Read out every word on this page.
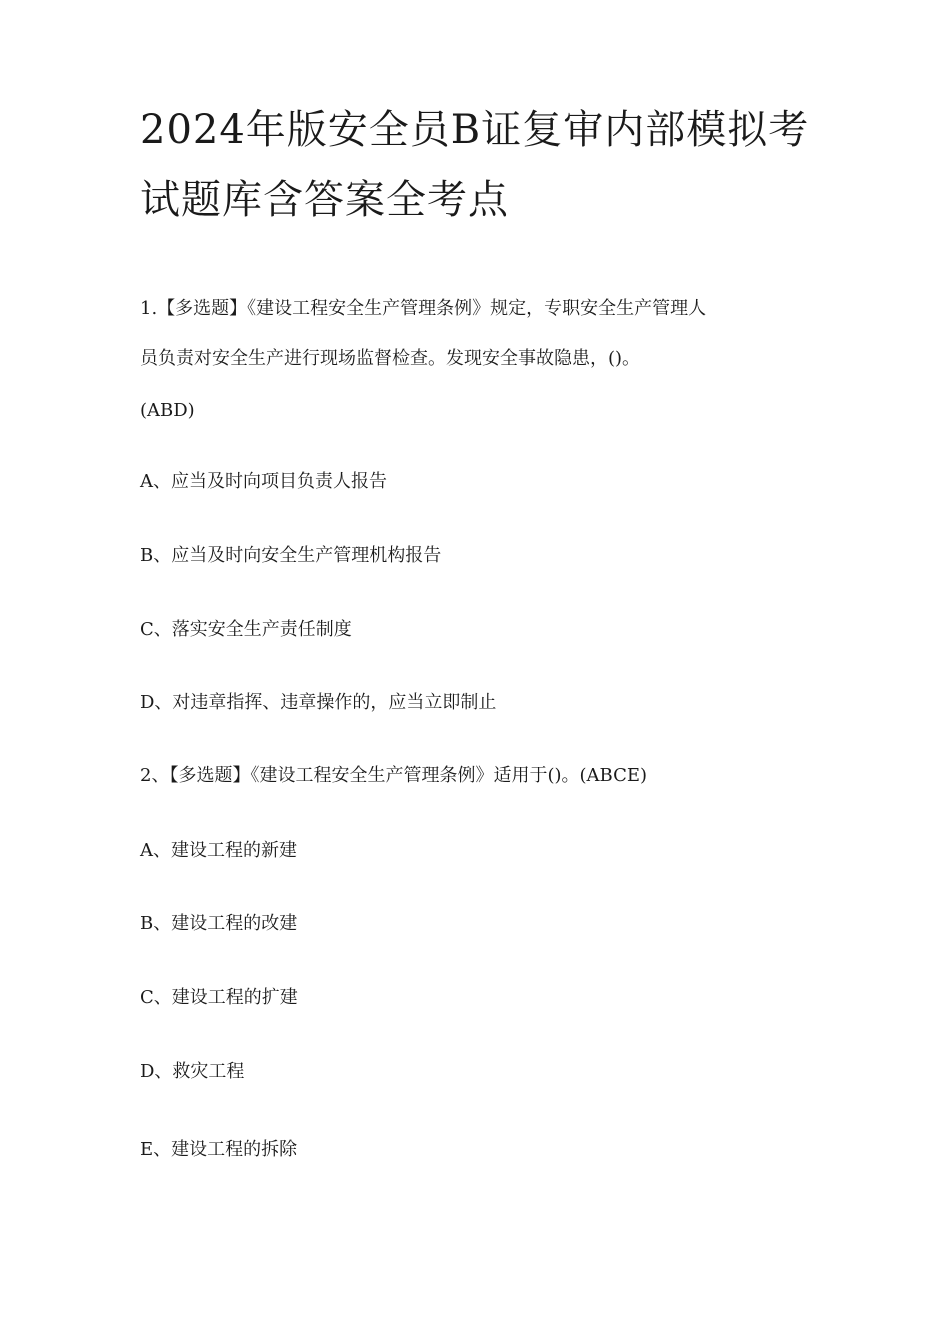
2024年版安全员B证复审内部模拟考试题库含答案全考点

1.【多选题】《建设工程安全生产管理条例》规定，专职安全生产管理人

员负责对安全生产进行现场监督检查。发现安全事故隐患，()。

(ABD)

A、应当及时向项目负责人报告

B、应当及时向安全生产管理机构报告

C、落实安全生产责任制度

D、对违章指挥、违章操作的，应当立即制止

2、【多选题】《建设工程安全生产管理条例》适用于()。(ABCE)

A、建设工程的新建

B、建设工程的改建

C、建设工程的扩建

D、救灾工程

E、建设工程的拆除
